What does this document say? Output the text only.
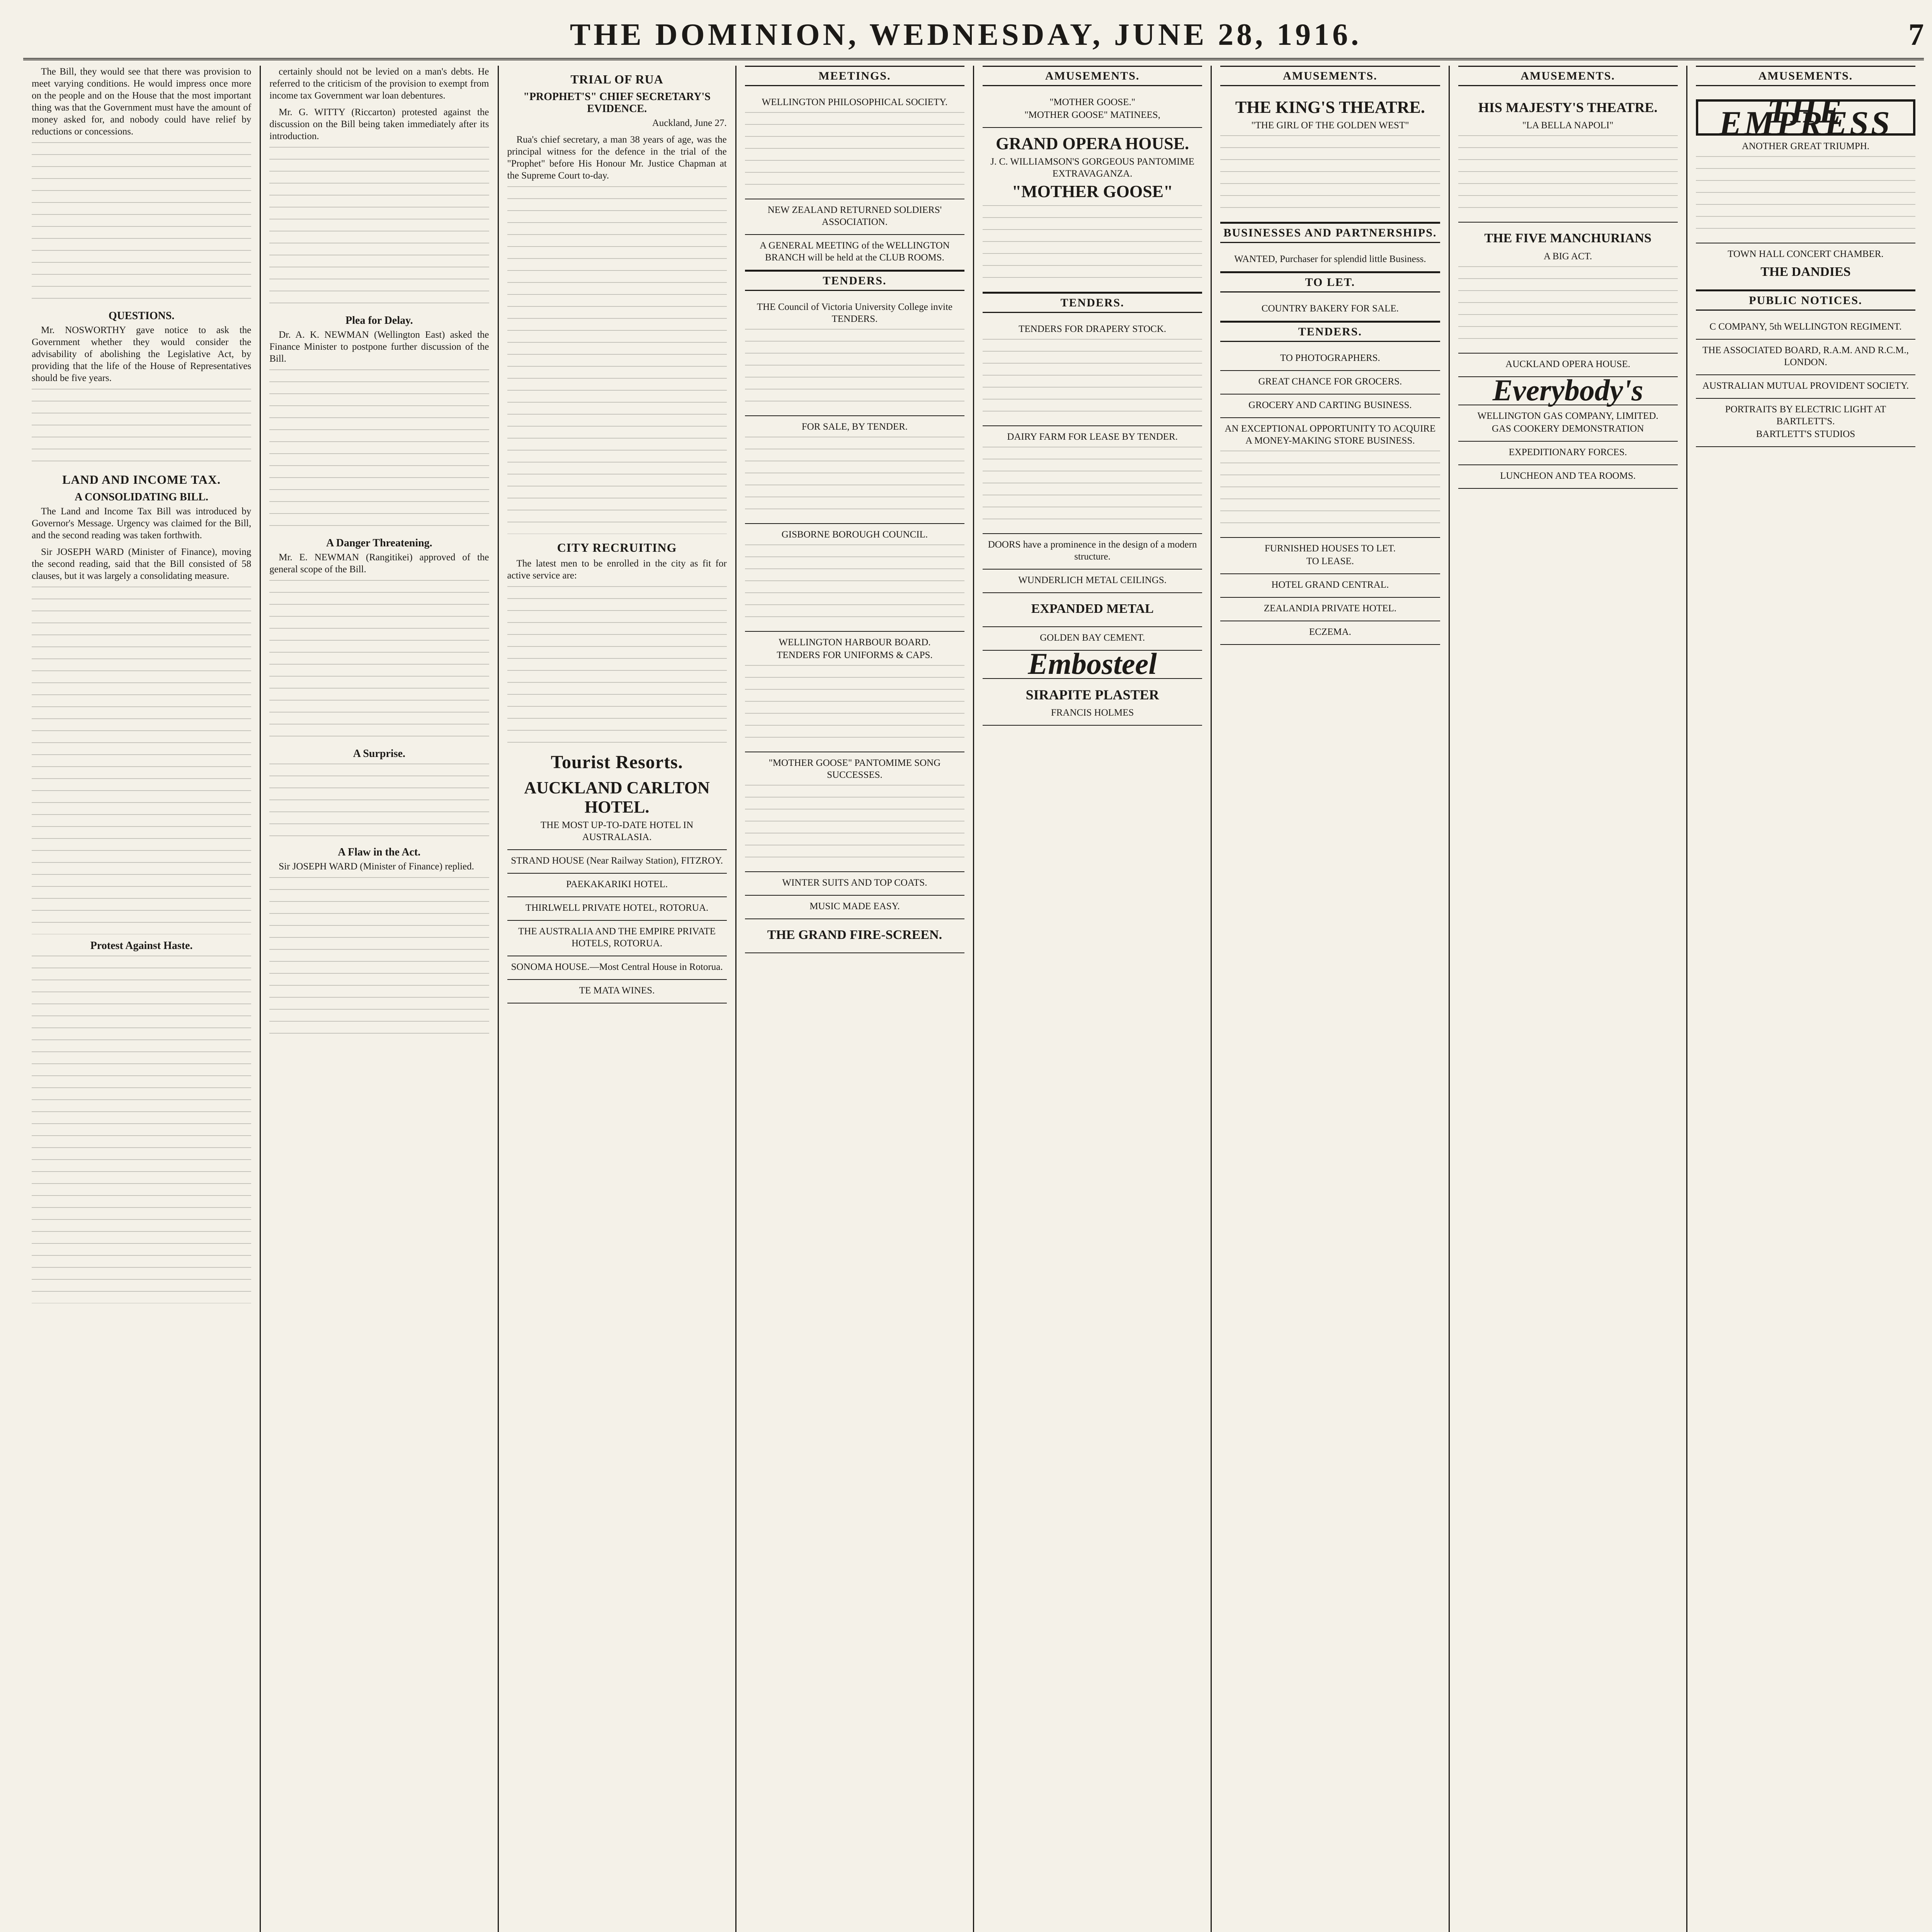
THE DOMINION, WEDNESDAY, JUNE 28, 1916.	7

The Bill, they would see that there was provision to meet varying conditions. He would impress once more on the people and on the House that the most important thing was that the Government must have the amount of money asked for, and nobody could have relief by reductions or concessions.

QUESTIONS.

Mr. NOSWORTHY gave notice to ask the Government whether they would consider the advisability of abolishing the Legislative Act, by providing that the life of the House of Representatives should be five years.

LAND AND INCOME TAX.
A CONSOLIDATING BILL.

The Land and Income Tax Bill was introduced by Governor's Message. Urgency was claimed for the Bill, and the second reading was taken forthwith.

Sir JOSEPH WARD (Minister of Finance), moving the second reading, said that the Bill consisted of 58 clauses, but it was largely a consolidating measure.

Protest Against Haste.

certainly should not be levied on a man's debts. He referred to the criticism of the provision to exempt from income tax Government war loan debentures.

Mr. G. WITTY (Riccarton) protested against the discussion on the Bill being taken immediately after its introduction.

Plea for Delay.

Dr. A. K. NEWMAN (Wellington East) asked the Finance Minister to postpone further discussion of the Bill.

A Danger Threatening.

Mr. E. NEWMAN (Rangitikei) approved of the general scope of the Bill.

A Surprise.
A Flaw in the Act.

Sir JOSEPH WARD (Minister of Finance) replied.

TRIAL OF RUA
"PROPHET'S" CHIEF SECRETARY'S EVIDENCE.

Auckland, June 27.

Rua's chief secretary, a man 38 years of age, was the principal witness for the defence in the trial of the "Prophet" before His Honour Mr. Justice Chapman at the Supreme Court to-day.

CITY RECRUITING

The latest men to be enrolled in the city as fit for active service are:

Tourist Resorts.
AUCKLAND CARLTON HOTEL.
THE MOST UP-TO-DATE HOTEL IN AUSTRALASIA.
STRAND HOUSE (Near Railway Station), FITZROY.
PAEKAKARIKI HOTEL.
THIRLWELL PRIVATE HOTEL, ROTORUA.
THE AUSTRALIA AND THE EMPIRE PRIVATE HOTELS, ROTORUA.
SONOMA HOUSE.—Most Central House in Rotorua.
TE MATA WINES.
MEETINGS.
WELLINGTON PHILOSOPHICAL SOCIETY.
NEW ZEALAND RETURNED SOLDIERS' ASSOCIATION.
A GENERAL MEETING of the WELLINGTON BRANCH will be held at the CLUB ROOMS.
TENDERS.
THE Council of Victoria University College invite TENDERS.
FOR SALE, BY TENDER.
GISBORNE BOROUGH COUNCIL.
WELLINGTON HARBOUR BOARD.
TENDERS FOR UNIFORMS & CAPS.
"MOTHER GOOSE" PANTOMIME SONG SUCCESSES.
WINTER SUITS AND TOP COATS.
MUSIC MADE EASY.
THE GRAND FIRE-SCREEN.
AMUSEMENTS.
"MOTHER GOOSE."
"MOTHER GOOSE" MATINEES,
GRAND OPERA HOUSE.
J. C. WILLIAMSON'S GORGEOUS PANTOMIME EXTRAVAGANZA.
"MOTHER GOOSE"
TENDERS.
TENDERS FOR DRAPERY STOCK.
DAIRY FARM FOR LEASE BY TENDER.
DOORS have a prominence in the design of a modern structure.
WUNDERLICH METAL CEILINGS.
EXPANDED METAL
GOLDEN BAY CEMENT.
Embosteel
SIRAPITE PLASTER
FRANCIS HOLMES
AMUSEMENTS.
THE KING'S THEATRE.
"THE GIRL OF THE GOLDEN WEST"
BUSINESSES AND PARTNERSHIPS.
WANTED, Purchaser for splendid little Business.
TO LET.
COUNTRY BAKERY FOR SALE.
TENDERS.
TO PHOTOGRAPHERS.
GREAT CHANCE FOR GROCERS.
GROCERY AND CARTING BUSINESS.
AN EXCEPTIONAL OPPORTUNITY TO ACQUIRE A MONEY-MAKING STORE BUSINESS.
FURNISHED HOUSES TO LET.
TO LEASE.
HOTEL GRAND CENTRAL.
ZEALANDIA PRIVATE HOTEL.
ECZEMA.
AMUSEMENTS.
HIS MAJESTY'S THEATRE.
"LA BELLA NAPOLI"
THE FIVE MANCHURIANS
A BIG ACT.
AUCKLAND OPERA HOUSE.
Everybody's
WELLINGTON GAS COMPANY, LIMITED.
GAS COOKERY DEMONSTRATION
EXPEDITIONARY FORCES.
LUNCHEON AND TEA ROOMS.
AMUSEMENTS.
THE EMPRESS
ANOTHER GREAT TRIUMPH.
TOWN HALL CONCERT CHAMBER.
THE DANDIES
PUBLIC NOTICES.
C COMPANY, 5th WELLINGTON REGIMENT.
THE ASSOCIATED BOARD, R.A.M. AND R.C.M., LONDON.
AUSTRALIAN MUTUAL PROVIDENT SOCIETY.
PORTRAITS BY ELECTRIC LIGHT AT BARTLETT'S.
BARTLETT'S STUDIOS
